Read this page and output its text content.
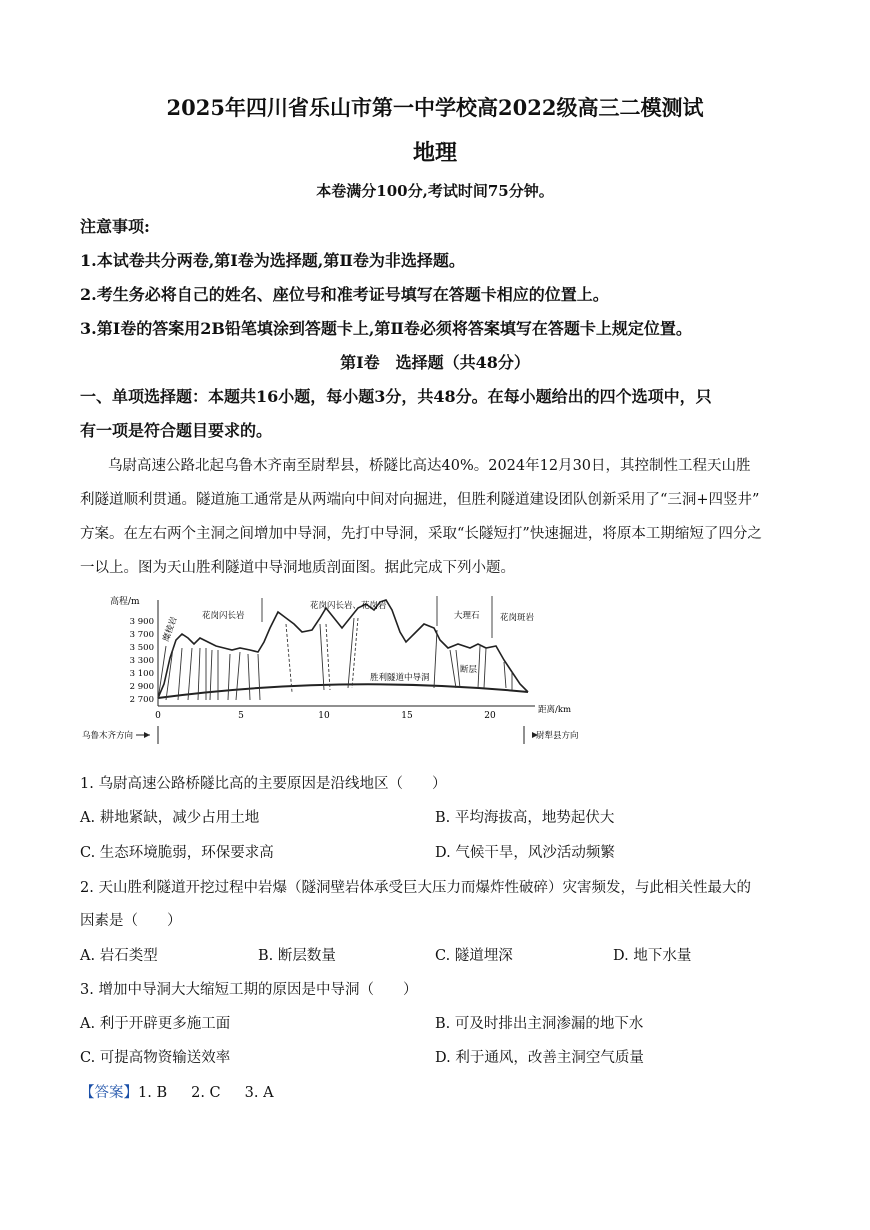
2025年四川省乐山市第一中学校高2022级高三二模测试
地理
本卷满分100分,考试时间75分钟。
注意事项:
1.本试卷共分两卷,第Ⅰ卷为选择题,第Ⅱ卷为非选择题。
2.考生务必将自己的姓名、座位号和准考证号填写在答题卡相应的位置上。
3.第Ⅰ卷的答案用2B铅笔填涂到答题卡上,第Ⅱ卷必须将答案填写在答题卡上规定位置。
第Ⅰ卷　选择题（共48分）
一、单项选择题：本题共16小题，每小题3分，共48分。在每小题给出的四个选项中，只
有一项是符合题目要求的。
乌尉高速公路北起乌鲁木齐南至尉犁县，桥隧比高达40%。2024年12月30日，其控制性工程天山胜
利隧道顺利贯通。隧道施工通常是从两端向中间对向掘进，但胜利隧道建设团队创新采用了“三洞+四竖井”
方案。在左右两个主洞之间增加中导洞，先打中导洞，采取“长隧短打”快速掘进，将原本工期缩短了四分之
一以上。图为天山胜利隧道中导洞地质剖面图。据此完成下列小题。
高程/m
3 900
3 700
3 500
3 300
3 100
2 900
2 700
0	5	10	15	20
距离/km
胜利隧道中导洞
花岗闪长岩
花岗闪长岩、花岗岩
大理石 花岗斑岩
糜棱岩
断层
乌鲁木齐方向	尉犁县方向
1. 乌尉高速公路桥隧比高的主要原因是沿线地区（　　）
A. 耕地紧缺，减少占用土地	B. 平均海拔高，地势起伏大
C. 生态环境脆弱，环保要求高	D. 气候干旱，风沙活动频繁
2. 天山胜利隧道开挖过程中岩爆（隧洞壁岩体承受巨大压力而爆炸性破碎）灾害频发，与此相关性最大的
因素是（　　）
A. 岩石类型	B. 断层数量	C. 隧道埋深	D. 地下水量
3. 增加中导洞大大缩短工期的原因是中导洞（　　）
A. 利于开辟更多施工面	B. 可及时排出主洞渗漏的地下水
C. 可提高物资输送效率	D. 利于通风，改善主洞空气质量
【答案】1. B 2. C 3. A
